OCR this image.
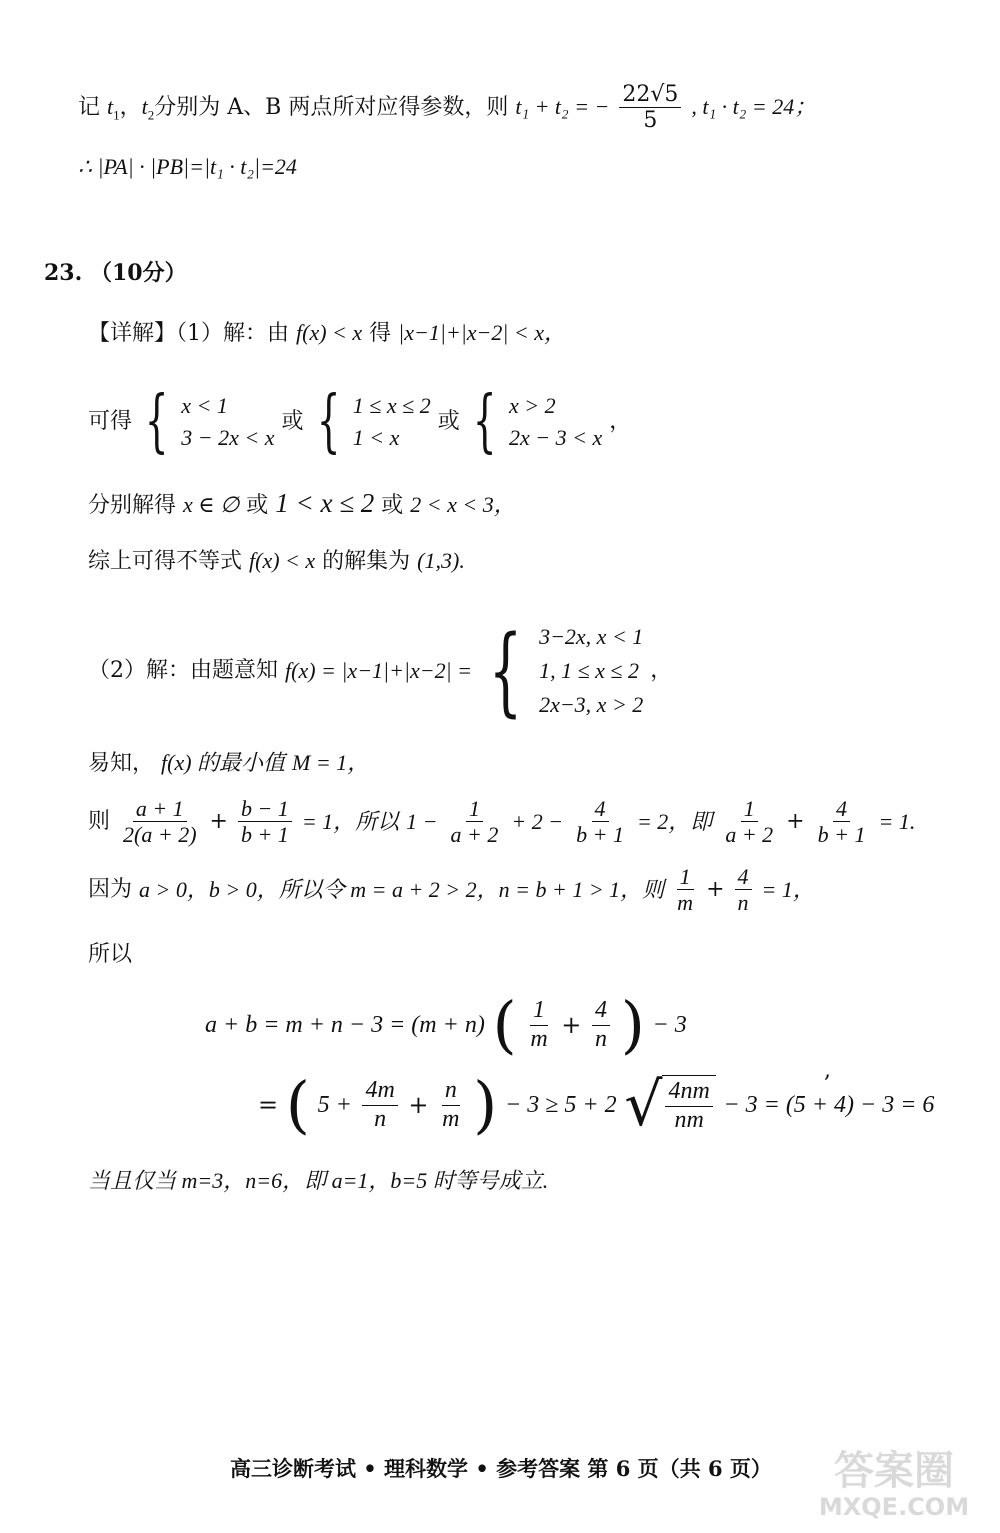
记 $t_1$，$t_2$分别为 A、B 两点所对应得参数，则 t₁ + t₂ = − $\frac{22√5}{5}$ , t₁ · t₂ = 24；
∴ |PA| · |PB|=|t₁ · t₂|=24
23. （10分）
【详解】（1）解：由 f(x) < x 得 |x−1|+|x−2| < x，
可得 { x < 1
3 − 2x < x
或 { 1 ≤ x ≤ 2
1 < x
或 { x > 2
2x − 3 < x
，
分别解得 x ∈ ∅ 或 1 < x ≤ 2 或 2 < x < 3，
综上可得不等式 f(x) < x 的解集为 (1,3).
（2）解：由题意知 f(x) = |x−1|+|x−2| = { 3−2x, x < 1
1, 1 ≤ x ≤ 2
2x−3, x > 2
，
易知， f(x) 的最小值 M = 1，
则 $\frac{a + 1}{2(a + 2)} + \frac{b - 1}{b + 1} = 1$，所以 $1 - \frac{1}{a + 2} + 2 - \frac{4}{b + 1} = 2$，即 $\frac{1}{a + 2} + \frac{4}{b + 1} = 1$.
因为 a > 0，b > 0，所以令 m = a + 2 > 2，n = b + 1 > 1，则 $\frac{1}{m} + \frac{4}{n} = 1$，
所以
a + b = m + n − 3 = (m + n) ( $\frac{1}{m} + \frac{4}{n}$ ) − 3
= ( $5 + \frac{4m}{n} + \frac{n}{m}$ ) − 3 ≥ 5 + 2 √ $\frac{4nm}{nm} - 3 = (5 + 4) - 3 = 6$
,
当且仅当 m=3，n=6，即 a=1，b=5 时等号成立.
高三诊断考试 • 理科数学 • 参考答案 第 6 页（共 6 页）	答案圈
MXQE.COM
